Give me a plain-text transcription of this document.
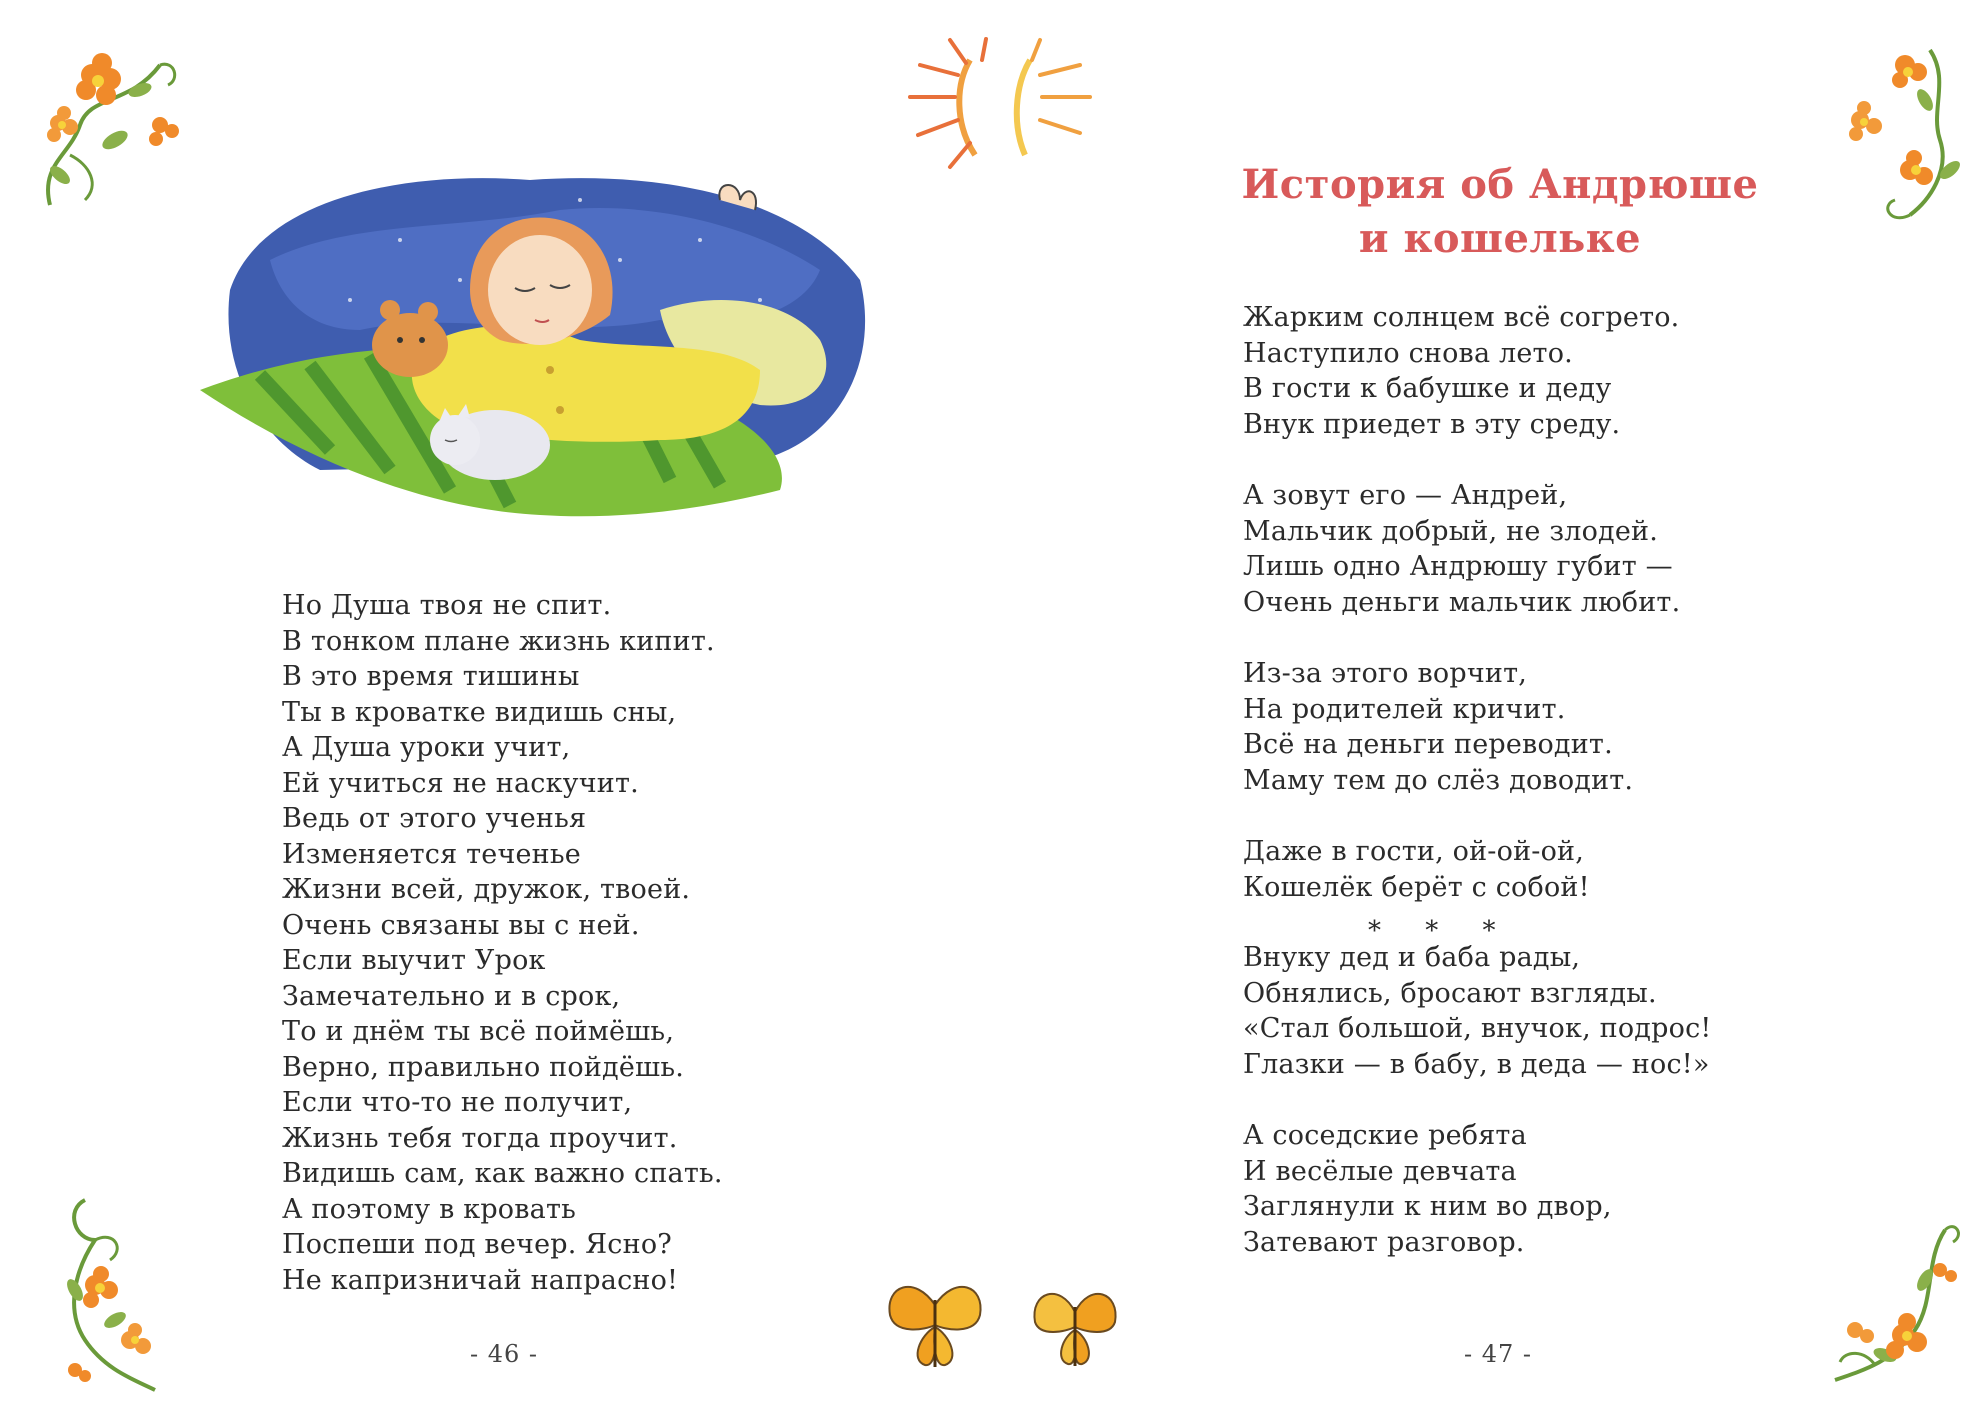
Но Душа твоя не спит.
В тонком плане жизнь кипит.
В это время тишины
Ты в кроватке видишь сны,
А Душа уроки учит,
Ей учиться не наскучит.
Ведь от этого ученья
Изменяется теченье
Жизни всей, дружок, твоей.
Очень связаны вы с ней.
Если выучит Урок
Замечательно и в срок,
То и днём ты всё поймёшь,
Верно, правильно пойдёшь.
Если что-то не получит,
Жизнь тебя тогда проучит.
Видишь сам, как важно спать.
А поэтому в кровать
Поспеши под вечер. Ясно?
Не капризничай напрасно!
- 46 -
История об Андрюше
и кошельке
Жарким солнцем всё согрето.
Наступило снова лето.
В гости к бабушке и деду
Внук приедет в эту среду.
А зовут его — Андрей,
Мальчик добрый, не злодей.
Лишь одно Андрюшу губит —
Очень деньги мальчик любит.
Из-за этого ворчит,
На родителей кричит.
Всё на деньги переводит.
Маму тем до слёз доводит.
Даже в гости, ой-ой-ой,
Кошелёк берёт с собой!
* * *
Внуку дед и баба рады,
Обнялись, бросают взгляды.
«Стал большой, внучок, подрос!
Глазки — в бабу, в деда — нос!»
А соседские ребята
И весёлые девчата
Заглянули к ним во двор,
Затевают разговор.
- 47 -
